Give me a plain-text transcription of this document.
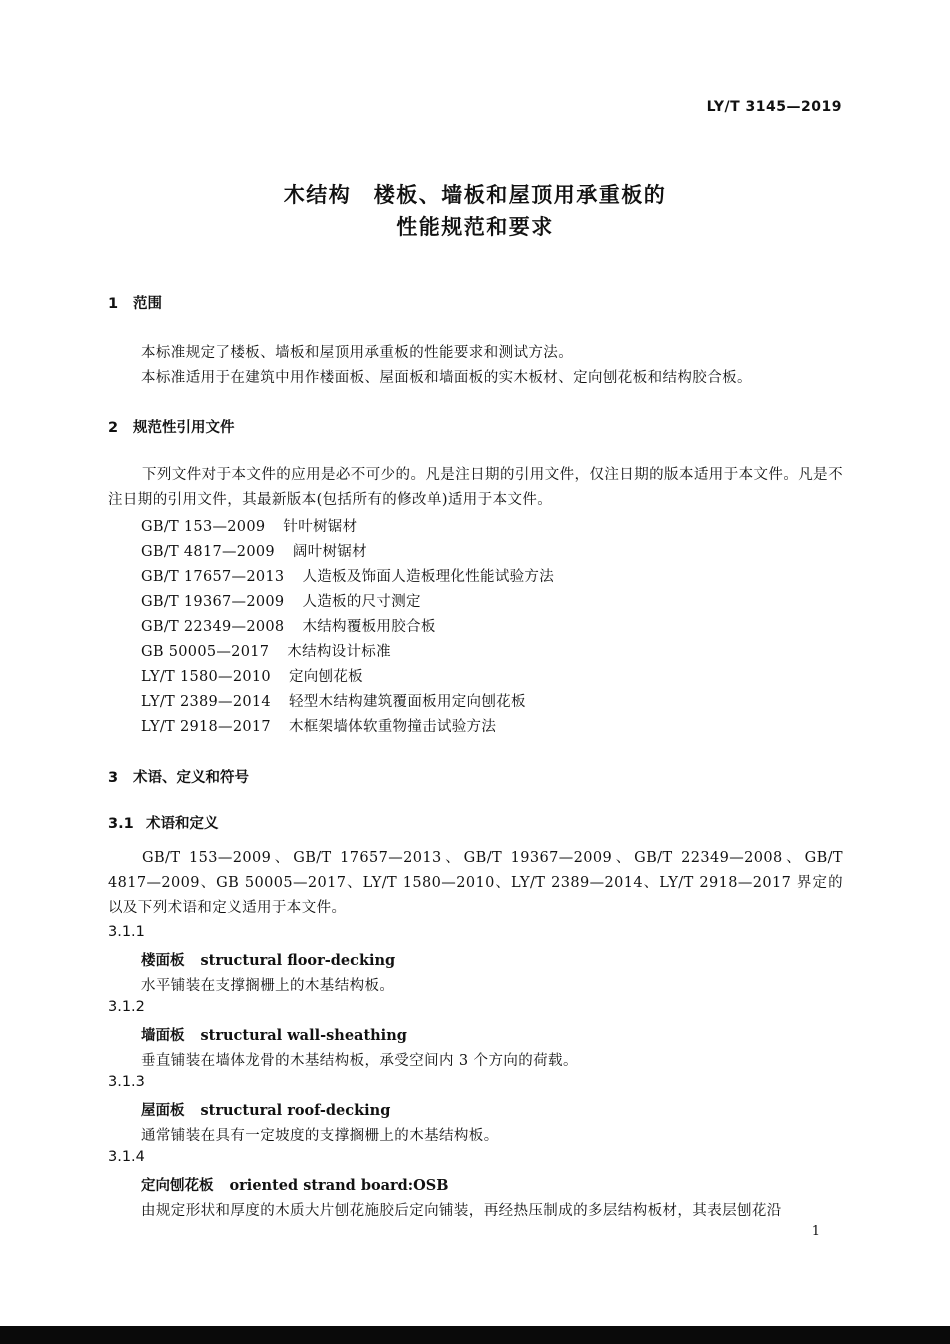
LY/T 3145—2019
木结构　楼板、墙板和屋顶用承重板的
性能规范和要求
1 范围
本标准规定了楼板、墙板和屋顶用承重板的性能要求和测试方法。
本标准适用于在建筑中用作楼面板、屋面板和墙面板的实木板材、定向刨花板和结构胶合板。
2 规范性引用文件
下列文件对于本文件的应用是必不可少的。凡是注日期的引用文件，仅注日期的版本适用于本文件。凡是不注日期的引用文件，其最新版本(包括所有的修改单)适用于本文件。
GB/T 153—2009 针叶树锯材
GB/T 4817—2009 阔叶树锯材
GB/T 17657—2013 人造板及饰面人造板理化性能试验方法
GB/T 19367—2009 人造板的尺寸测定
GB/T 22349—2008 木结构覆板用胶合板
GB 50005—2017 木结构设计标准
LY/T 1580—2010 定向刨花板
LY/T 2389—2014 轻型木结构建筑覆面板用定向刨花板
LY/T 2918—2017 木框架墙体软重物撞击试验方法
3 术语、定义和符号
3.1 术语和定义
GB/T 153—2009、GB/T 17657—2013、GB/T 19367—2009、GB/T 22349—2008、GB/T 4817—2009、GB 50005—2017、LY/T 1580—2010、LY/T 2389—2014、LY/T 2918—2017 界定的以及下列术语和定义适用于本文件。
3.1.1
楼面板 structural floor-decking
水平铺装在支撑搁栅上的木基结构板。
3.1.2
墙面板 structural wall-sheathing
垂直铺装在墙体龙骨的木基结构板，承受空间内 3 个方向的荷载。
3.1.3
屋面板 structural roof-decking
通常铺装在具有一定坡度的支撑搁栅上的木基结构板。
3.1.4
定向刨花板 oriented strand board:OSB
由规定形状和厚度的木质大片刨花施胶后定向铺装，再经热压制成的多层结构板材，其表层刨花沿
1
